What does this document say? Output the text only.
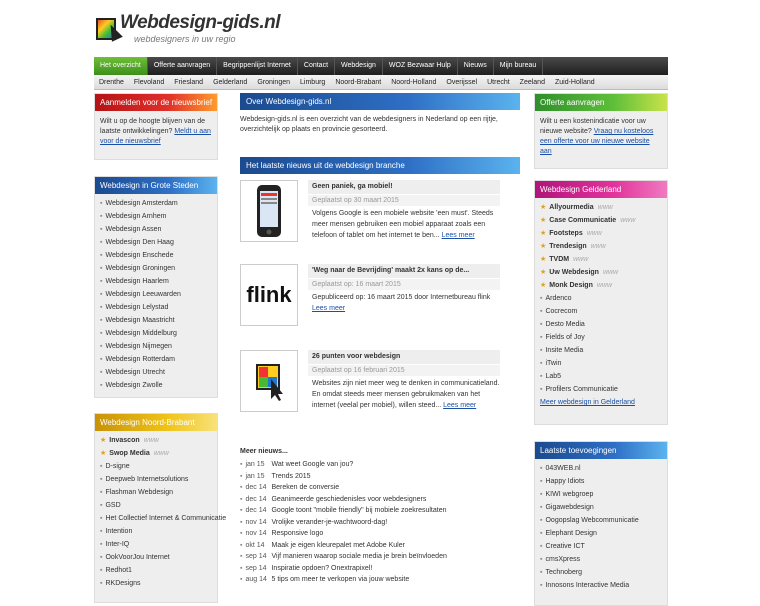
Webdesign-gids.nl
webdesigners in uw regio
Het overzicht	Offerte aanvragen	Begrippenlijst Internet	Contact	Webdesign	WOZ Bezwaar Hulp	Nieuws	Mijn bureau
Drenthe	Flevoland	Friesland	Gelderland	Groningen	Limburg	Noord-Brabant	Noord-Holland	Overijssel	Utrecht	Zeeland	Zuid-Holland
Aanmelden voor de nieuwsbrief
Wilt u op de hoogte blijven van de laatste ontwikkelingen? Meldt u aan voor de nieuwsbrief
Webdesign in Grote Steden
▪ Webdesign Amsterdam
▪ Webdesign Arnhem
▪ Webdesign Assen
▪ Webdesign Den Haag
▪ Webdesign Enschede
▪ Webdesign Groningen
▪ Webdesign Haarlem
▪ Webdesign Leeuwarden
▪ Webdesign Lelystad
▪ Webdesign Maastricht
▪ Webdesign Middelburg
▪ Webdesign Nijmegen
▪ Webdesign Rotterdam
▪ Webdesign Utrecht
▪ Webdesign Zwolle
Webdesign Noord-Brabant
★ Invascon www
★ Swop Media www
▪ D-signe
▪ Deepweb Internetsolutions
▪ Flashman Webdesign
▪ GSD
▪ Het Collectief Internet & Communicatie
▪ Intention
▪ Inter-IQ
▪ OokVoorJou Internet
▪ Redhot1
▪ RKDesigns
Over Webdesign-gids.nl
Webdesign-gids.nl is een overzicht van de webdesigners in Nederland op een rijtje, overzichtelijk op plaats en provincie gesorteerd.
Het laatste nieuws uit de webdesign branche
Geen paniek, ga mobiel!
Geplaatst op 30 maart 2015
Volgens Google is een mobiele website 'een must'. Steeds meer mensen gebruiken een mobiel apparaat zoals een telefoon of tablet om het internet te ben... Lees meer
flink
'Weg naar de Bevrijding' maakt 2x kans op de...
Geplaatst op: 16 maart 2015
Gepubliceerd op: 16 maart 2015 door Internetbureau flink Lees meer
26 punten voor webdesign
Geplaatst op 16 februari 2015
Websites zijn niet meer weg te denken in communicatieland. En omdat steeds meer mensen gebruikmaken van het internet (veelal per mobiel), willen steed... Lees meer
Meer nieuws...
▪ jan 15 Wat weet Google van jou?
▪ jan 15 Trends 2015
▪ dec 14 Bereken de conversie
▪ dec 14 Geanimeerde geschiedenisles voor webdesigners
▪ dec 14 Google toont "mobile friendly" bij mobiele zoekresultaten
▪ nov 14 Vrolijke verander-je-wachtwoord-dag!
▪ nov 14 Responsive logo
▪ okt 14 Maak je eigen kleurepalet met Adobe Kuler
▪ sep 14 Vijf manieren waarop sociale media je brein beïnvloeden
▪ sep 14 Inspiratie opdoen? Onextrapixel!
▪ aug 14 5 tips om meer te verkopen via jouw website
Offerte aanvragen
Wilt u een kostenindicatie voor uw nieuwe website? Vraag nu kosteloos een offerte voor uw nieuwe website aan
Webdesign Gelderland
★ Allyourmedia www
★ Case Communicatie www
★ Footsteps www
★ Trendesign www
★ TVDM www
★ Uw Webdesign www
★ Monk Design www
▪ Ardenco
▪ Cocrecom
▪ Desto Media
▪ Fields of Joy
▪ Insite Media
▪ iTwin
▪ Lab5
▪ Profilers Communicatie
Meer webdesign in Gelderland
Laatste toevoegingen
▪ 043WEB.nl
▪ Happy Idiots
▪ KIWI webgroep
▪ Gigawebdesign
▪ Oogopslag Webcommunicatie
▪ Elephant Design
▪ Creative ICT
▪ cmsXpress
▪ Technoberg
▪ Innosons Interactive Media
